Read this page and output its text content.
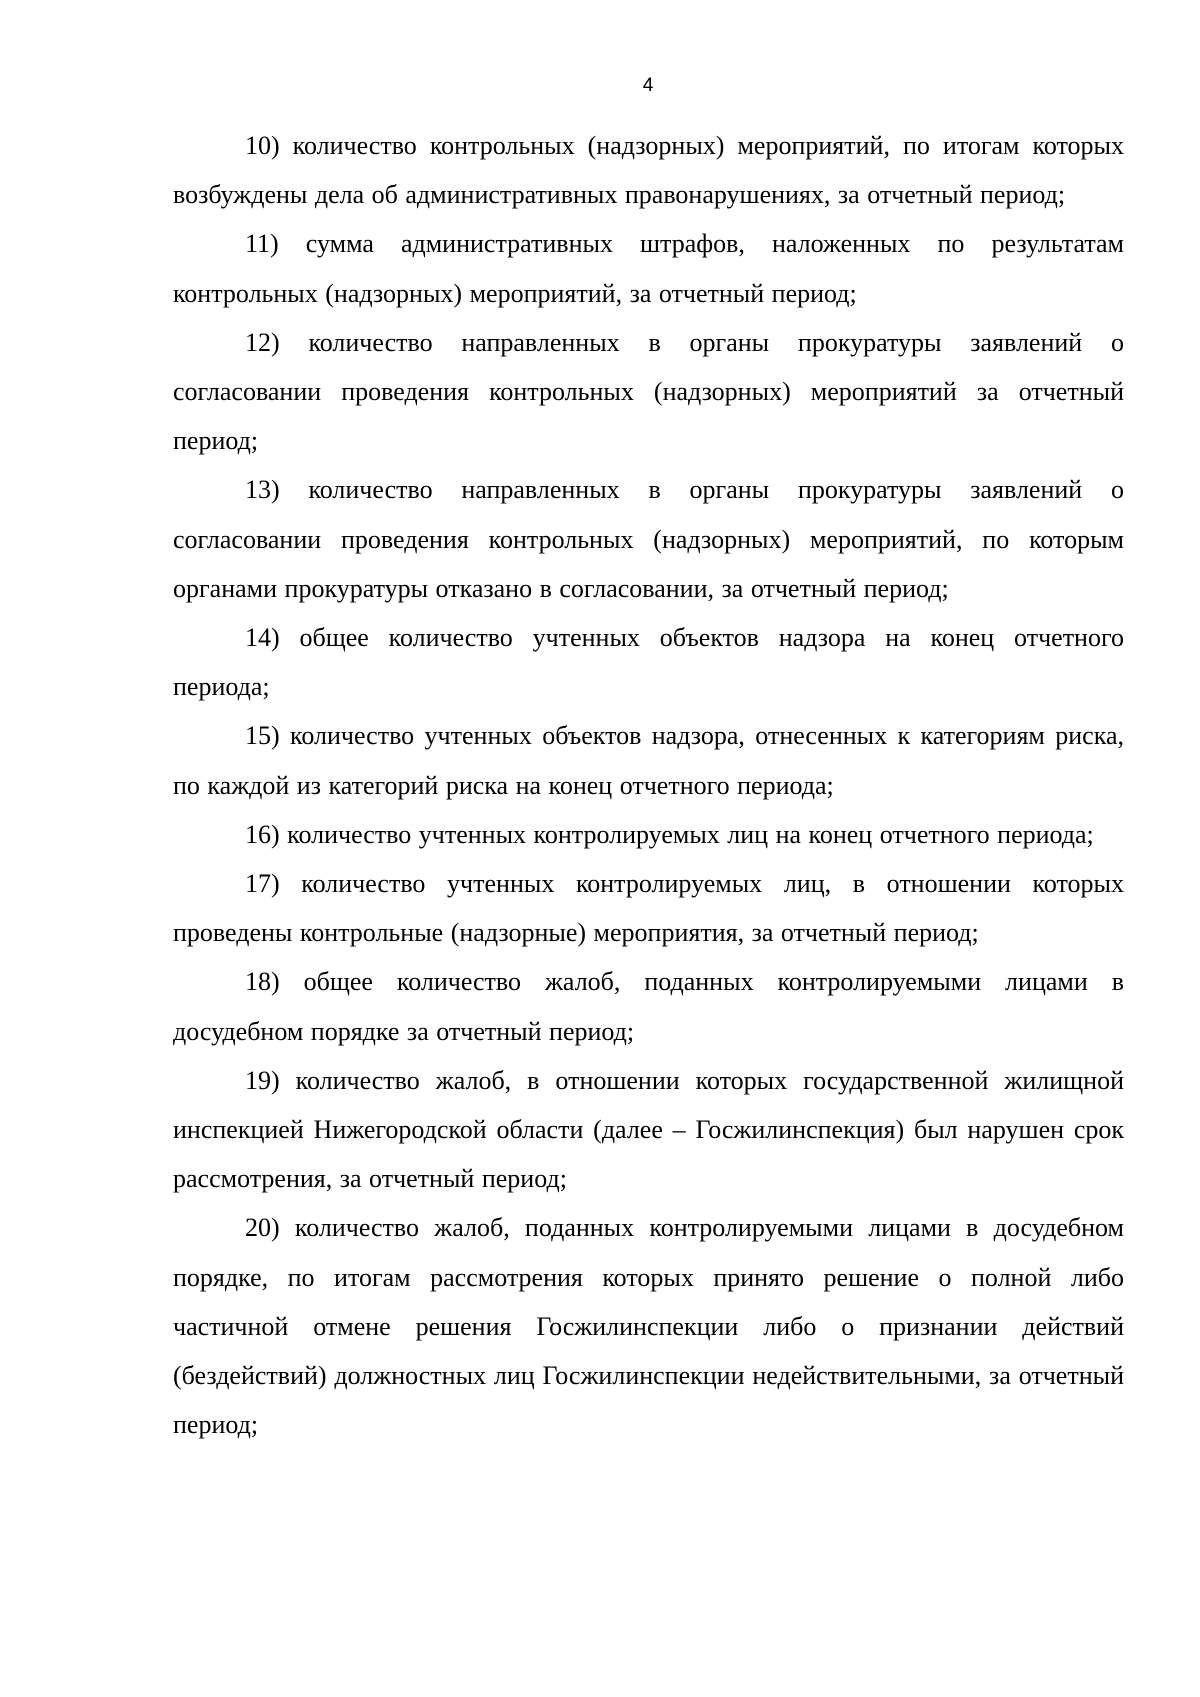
4

10) количество контрольных (надзорных) мероприятий, по итогам которых возбуждены дела об административных правонарушениях, за отчетный период;

11) сумма административных штрафов, наложенных по результатам контрольных (надзорных) мероприятий, за отчетный период;

12) количество направленных в органы прокуратуры заявлений о согласовании проведения контрольных (надзорных) мероприятий за отчетный период;

13) количество направленных в органы прокуратуры заявлений о согласовании проведения контрольных (надзорных) мероприятий, по которым органами прокуратуры отказано в согласовании, за отчетный период;

14) общее количество учтенных объектов надзора на конец отчетного периода;

15) количество учтенных объектов надзора, отнесенных к категориям риска, по каждой из категорий риска на конец отчетного периода;

16) количество учтенных контролируемых лиц на конец отчетного периода;

17) количество учтенных контролируемых лиц, в отношении которых проведены контрольные (надзорные) мероприятия, за отчетный период;

18) общее количество жалоб, поданных контролируемыми лицами в досудебном порядке за отчетный период;

19) количество жалоб, в отношении которых государственной жилищной инспекцией Нижегородской области (далее – Госжилинспекция) был нарушен срок рассмотрения, за отчетный период;

20) количество жалоб, поданных контролируемыми лицами в досудебном порядке, по итогам рассмотрения которых принято решение о полной либо частичной отмене решения Госжилинспекции либо о признании действий (бездействий) должностных лиц Госжилинспекции недействительными, за отчетный период;
